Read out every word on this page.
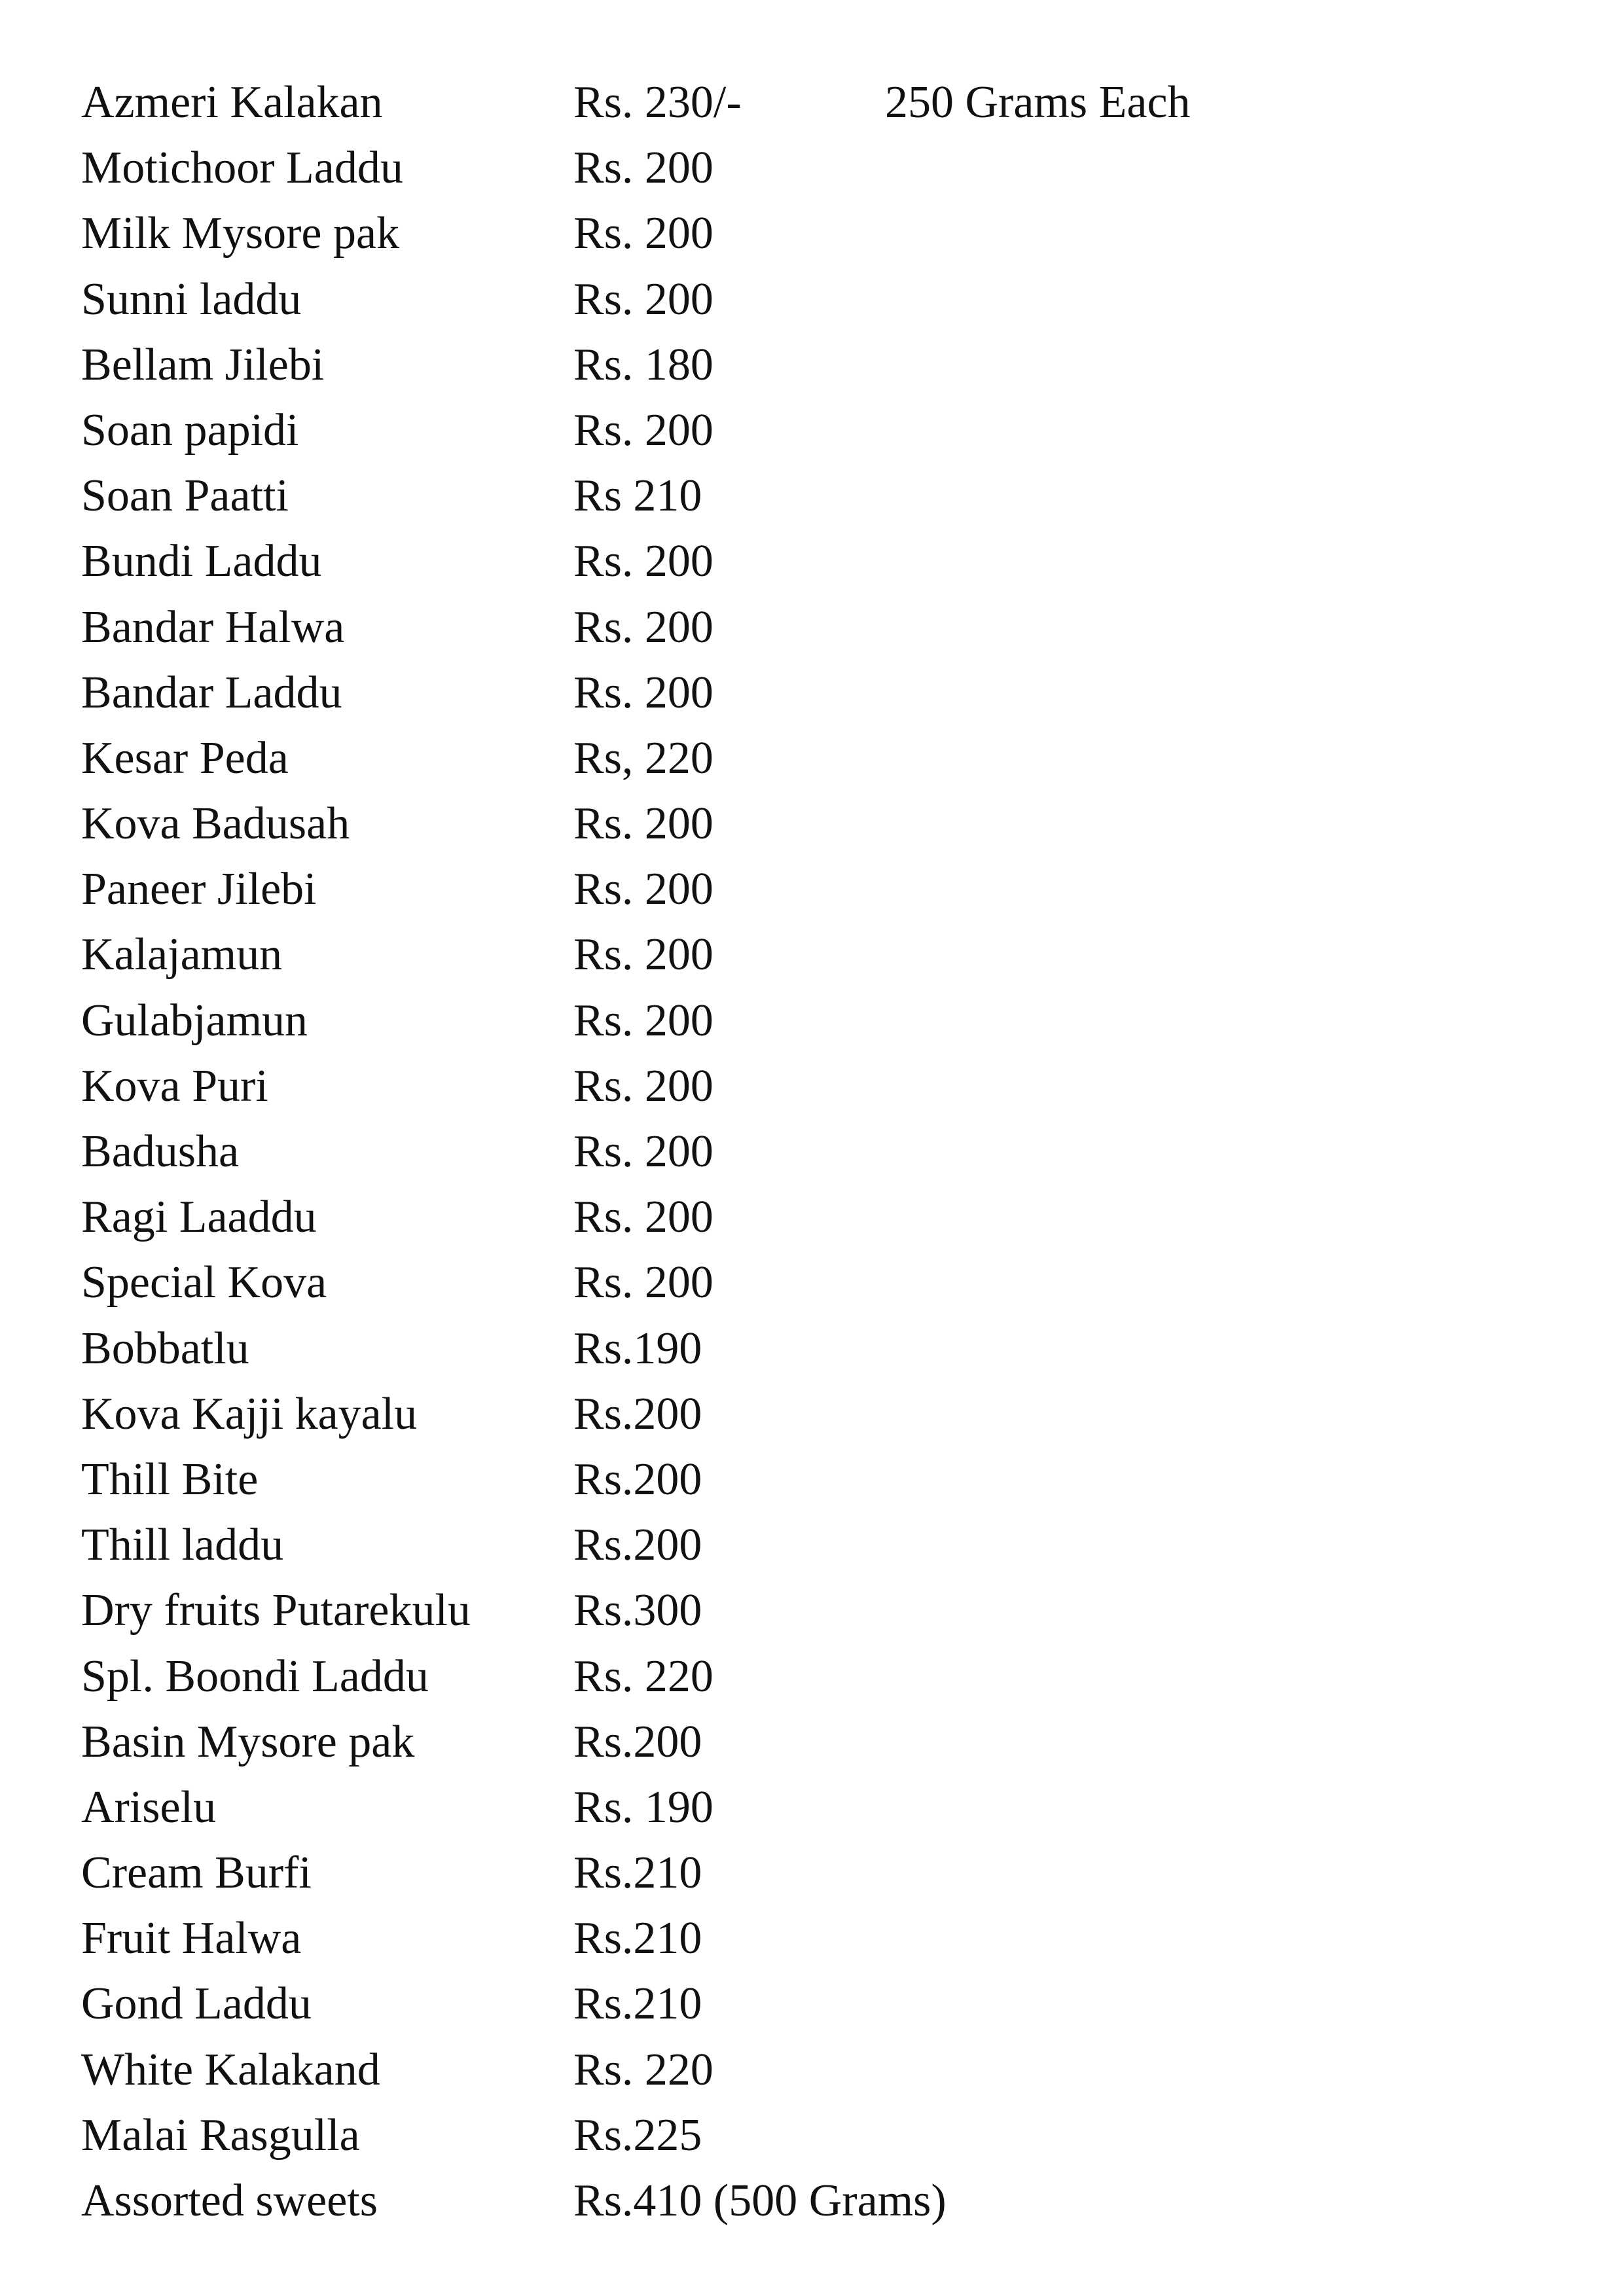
Azmeri Kalakan	Rs. 230/-	250 Grams Each
Motichoor Laddu	Rs. 200
Milk Mysore pak	Rs. 200
Sunni laddu	Rs. 200
Bellam Jilebi	Rs. 180
Soan papidi	Rs. 200
Soan Paatti	Rs 210
Bundi Laddu	Rs. 200
Bandar Halwa	Rs. 200
Bandar Laddu	Rs. 200
Kesar Peda	Rs, 220
Kova Badusah	Rs. 200
Paneer Jilebi	Rs. 200
Kalajamun	Rs. 200
Gulabjamun	Rs. 200
Kova Puri	Rs. 200
Badusha	Rs. 200
Ragi Laaddu	Rs. 200
Special Kova	Rs. 200
Bobbatlu	Rs.190
Kova Kajji kayalu	Rs.200
Thill Bite	Rs.200
Thill laddu	Rs.200
Dry fruits Putarekulu Rs.300
Spl. Boondi Laddu	Rs. 220
Basin Mysore pak	Rs.200
Ariselu	Rs. 190
Cream Burfi	Rs.210
Fruit Halwa	Rs.210
Gond Laddu	Rs.210
White Kalakand	Rs. 220
Malai Rasgulla	Rs.225
Assorted sweets	Rs.410 (500 Grams)
